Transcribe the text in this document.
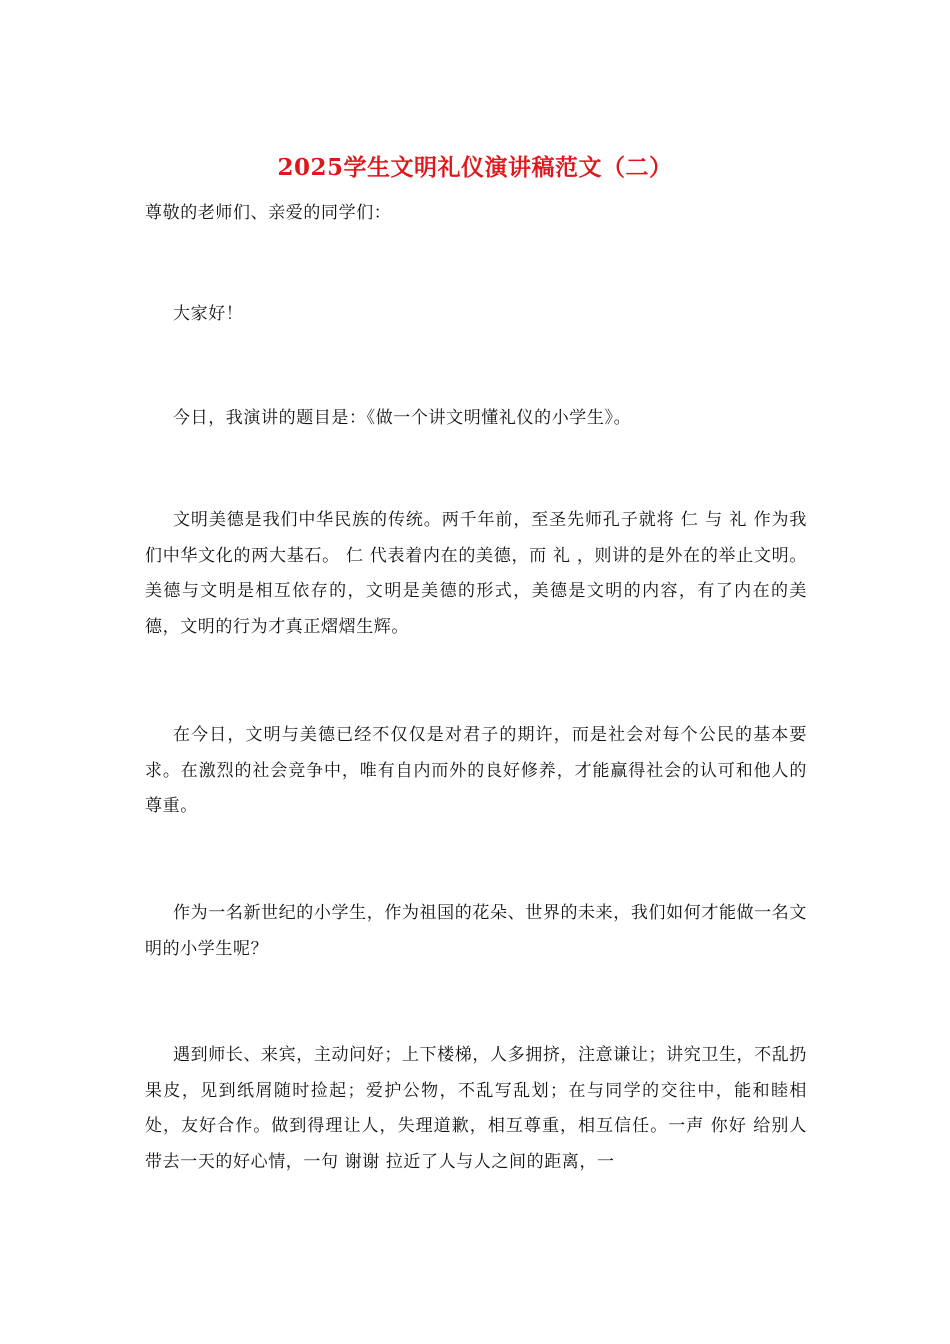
2025学生文明礼仪演讲稿范文（二）
尊敬的老师们、亲爱的同学们：
大家好！
今日，我演讲的题目是：《做一个讲文明懂礼仪的小学生》。
文明美德是我们中华民族的传统。两千年前，至圣先师孔子就将 仁 与 礼 作为我们中华文化的两大基石。 仁 代表着内在的美德，而 礼 ，则讲的是外在的举止文明。美德与文明是相互依存的，文明是美德的形式，美德是文明的内容，有了内在的美德，文明的行为才真正熠熠生辉。
在今日，文明与美德已经不仅仅是对君子的期许，而是社会对每个公民的基本要求。在激烈的社会竞争中，唯有自内而外的良好修养，才能赢得社会的认可和他人的尊重。
作为一名新世纪的小学生，作为祖国的花朵、世界的未来，我们如何才能做一名文明的小学生呢？
遇到师长、来宾，主动问好；上下楼梯，人多拥挤，注意谦让；讲究卫生，不乱扔果皮，见到纸屑随时捡起；爱护公物，不乱写乱划；在与同学的交往中，能和睦相处，友好合作。做到得理让人，失理道歉，相互尊重，相互信任。一声 你好 给别人带去一天的好心情，一句 谢谢 拉近了人与人之间的距离，一
